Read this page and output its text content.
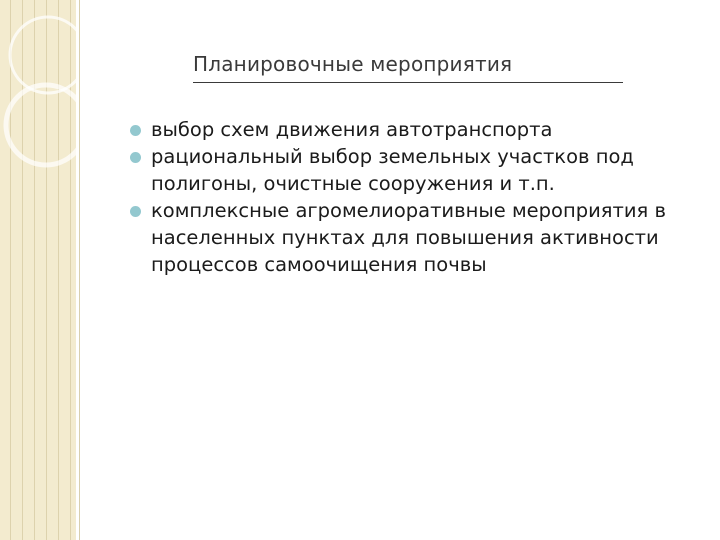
Планировочные мероприятия
выбор схем движения автотранспорта
рациональный выбор земельных участков под полигоны, очистные сооружения и т.п.
комплексные агромелиоративные мероприятия в населенных пунктах для повышения активности процессов самоочищения почвы
